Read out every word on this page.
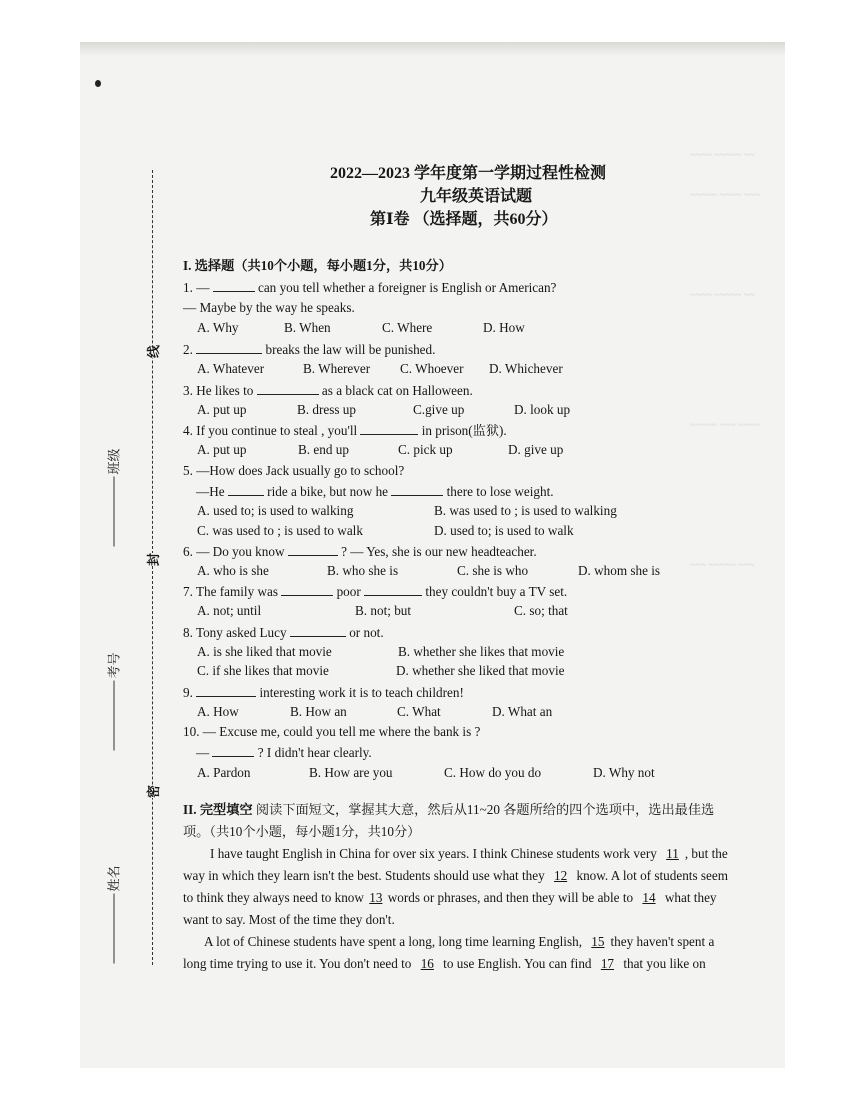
~~~~ ~~~~~ ~~
~~~~~ ~~~~ ~~~
~~~~ ~~~~~ ~~
~~~~~ ~~~ ~~~~
~~~ ~~~~~ ~~~
线
封
密
班级
考号
姓名
2022—2023 学年度第一学期过程性检测
九年级英语试题
第Ⅰ卷 （选择题，共60分）
I. 选择题（共10个小题，每小题1分，共10分）
1. —	can you tell whether a foreigner is English or American?
— Maybe by the way he speaks.
A. Why	B. When	C. Where	D. How
2.	breaks the law will be punished.
A. Whatever	B. Wherever C. Whoever D. Whichever
3. He likes to	as a black cat on Halloween.
A. put up	B. dress up	C.give up	D. look up
4. If you continue to steal , you'll	in prison(监狱).
A. put up	B. end up	C. pick up	D. give up
5. —How does Jack usually go to school?
—He	ride a bike, but now he	there to lose weight.
A. used to; is used to walking	B. was used to ; is used to walking
C. was used to ; is used to walk	D. used to; is used to walk
6. — Do you know	? — Yes, she is our new headteacher.
A. who is she	B. who she is	C. she is who	D. whom she is
7. The family was	poor	they couldn't buy a TV set.
A. not; until	B. not; but	C. so; that
8. Tony asked Lucy	or not.
A. is she liked that movie	B. whether she likes that movie
C. if she likes that movie	D. whether she liked that movie
9.	interesting work it is to teach children!
A. How	B. How an	C. What	D. What an
10. — Excuse me, could you tell me where the bank is ?
—	? I didn't hear clearly.
A. Pardon	B. How are you	C. How do you do	D. Why not
II. 完型填空 阅读下面短文，掌握其大意，然后从11~20 各题所给的四个选项中，选出最佳选
项。（共10个小题，每小题1分，共10分）
I have taught English in China for over six years. I think Chinese students work very 11 , but the
way in which they learn isn't the best. Students should use what they 12 know. A lot of students seem
to think they always need to know 13 words or phrases, and then they will be able to 14 what they
want to say. Most of the time they don't.
A lot of Chinese students have spent a long, long time learning English, 15 they haven't spent a
long time trying to use it. You don't need to 16 to use English. You can find 17 that you like on
